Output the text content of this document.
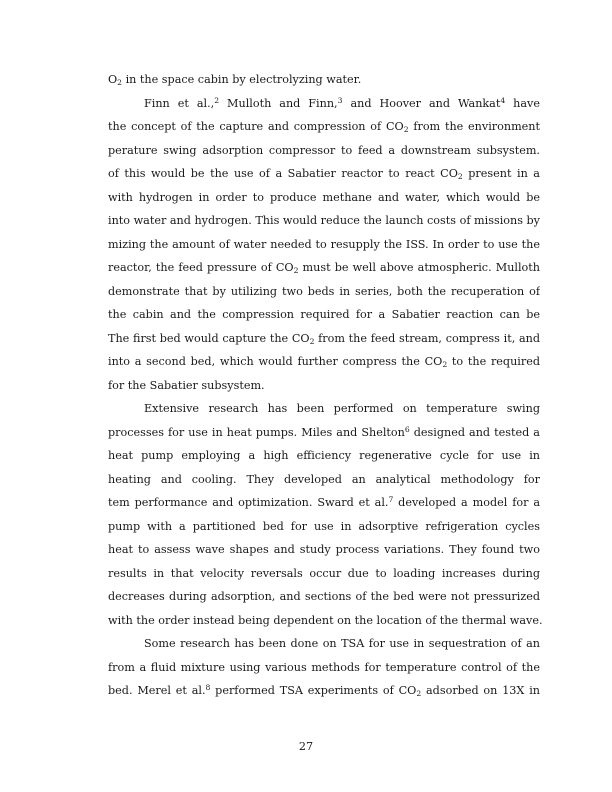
$O_2$ in the space cabin by electrolyzing water.
Finn et al.,$^2$ Mulloth and Finn,$^3$ and Hoover and Wankat$^4$ have
the concept of the capture and compression of $CO_2$ from the environment
perature swing adsorption compressor to feed a downstream subsystem.
of this would be the use of a Sabatier reactor to react $CO_2$ present in a
with hydrogen in order to produce methane and water, which would be
into water and hydrogen. This would reduce the launch costs of missions by
mizing the amount of water needed to resupply the ISS. In order to use the
reactor, the feed pressure of $CO_2$ must be well above atmospheric. Mulloth
demonstrate that by utilizing two beds in series, both the recuperation of
the cabin and the compression required for a Sabatier reaction can be
The first bed would capture the $CO_2$ from the feed stream, compress it, and
into a second bed, which would further compress the $CO_2$ to the required
for the Sabatier subsystem.
Extensive research has been performed on temperature swing
processes for use in heat pumps. Miles and Shelton$^6$ designed and tested a
heat pump employing a high efficiency regenerative cycle for use in
heating and cooling. They developed an analytical methodology for
tem performance and optimization. Sward et al.$^7$ developed a model for a
pump with a partitioned bed for use in adsorptive refrigeration cycles
heat to assess wave shapes and study process variations. They found two
results in that velocity reversals occur due to loading increases during
decreases during adsorption, and sections of the bed were not pressurized
with the order instead being dependent on the location of the thermal wave.
Some research has been done on TSA for use in sequestration of an
from a fluid mixture using various methods for temperature control of the
bed. Merel et al.$^8$ performed TSA experiments of $CO_2$ adsorbed on 13X in
27
